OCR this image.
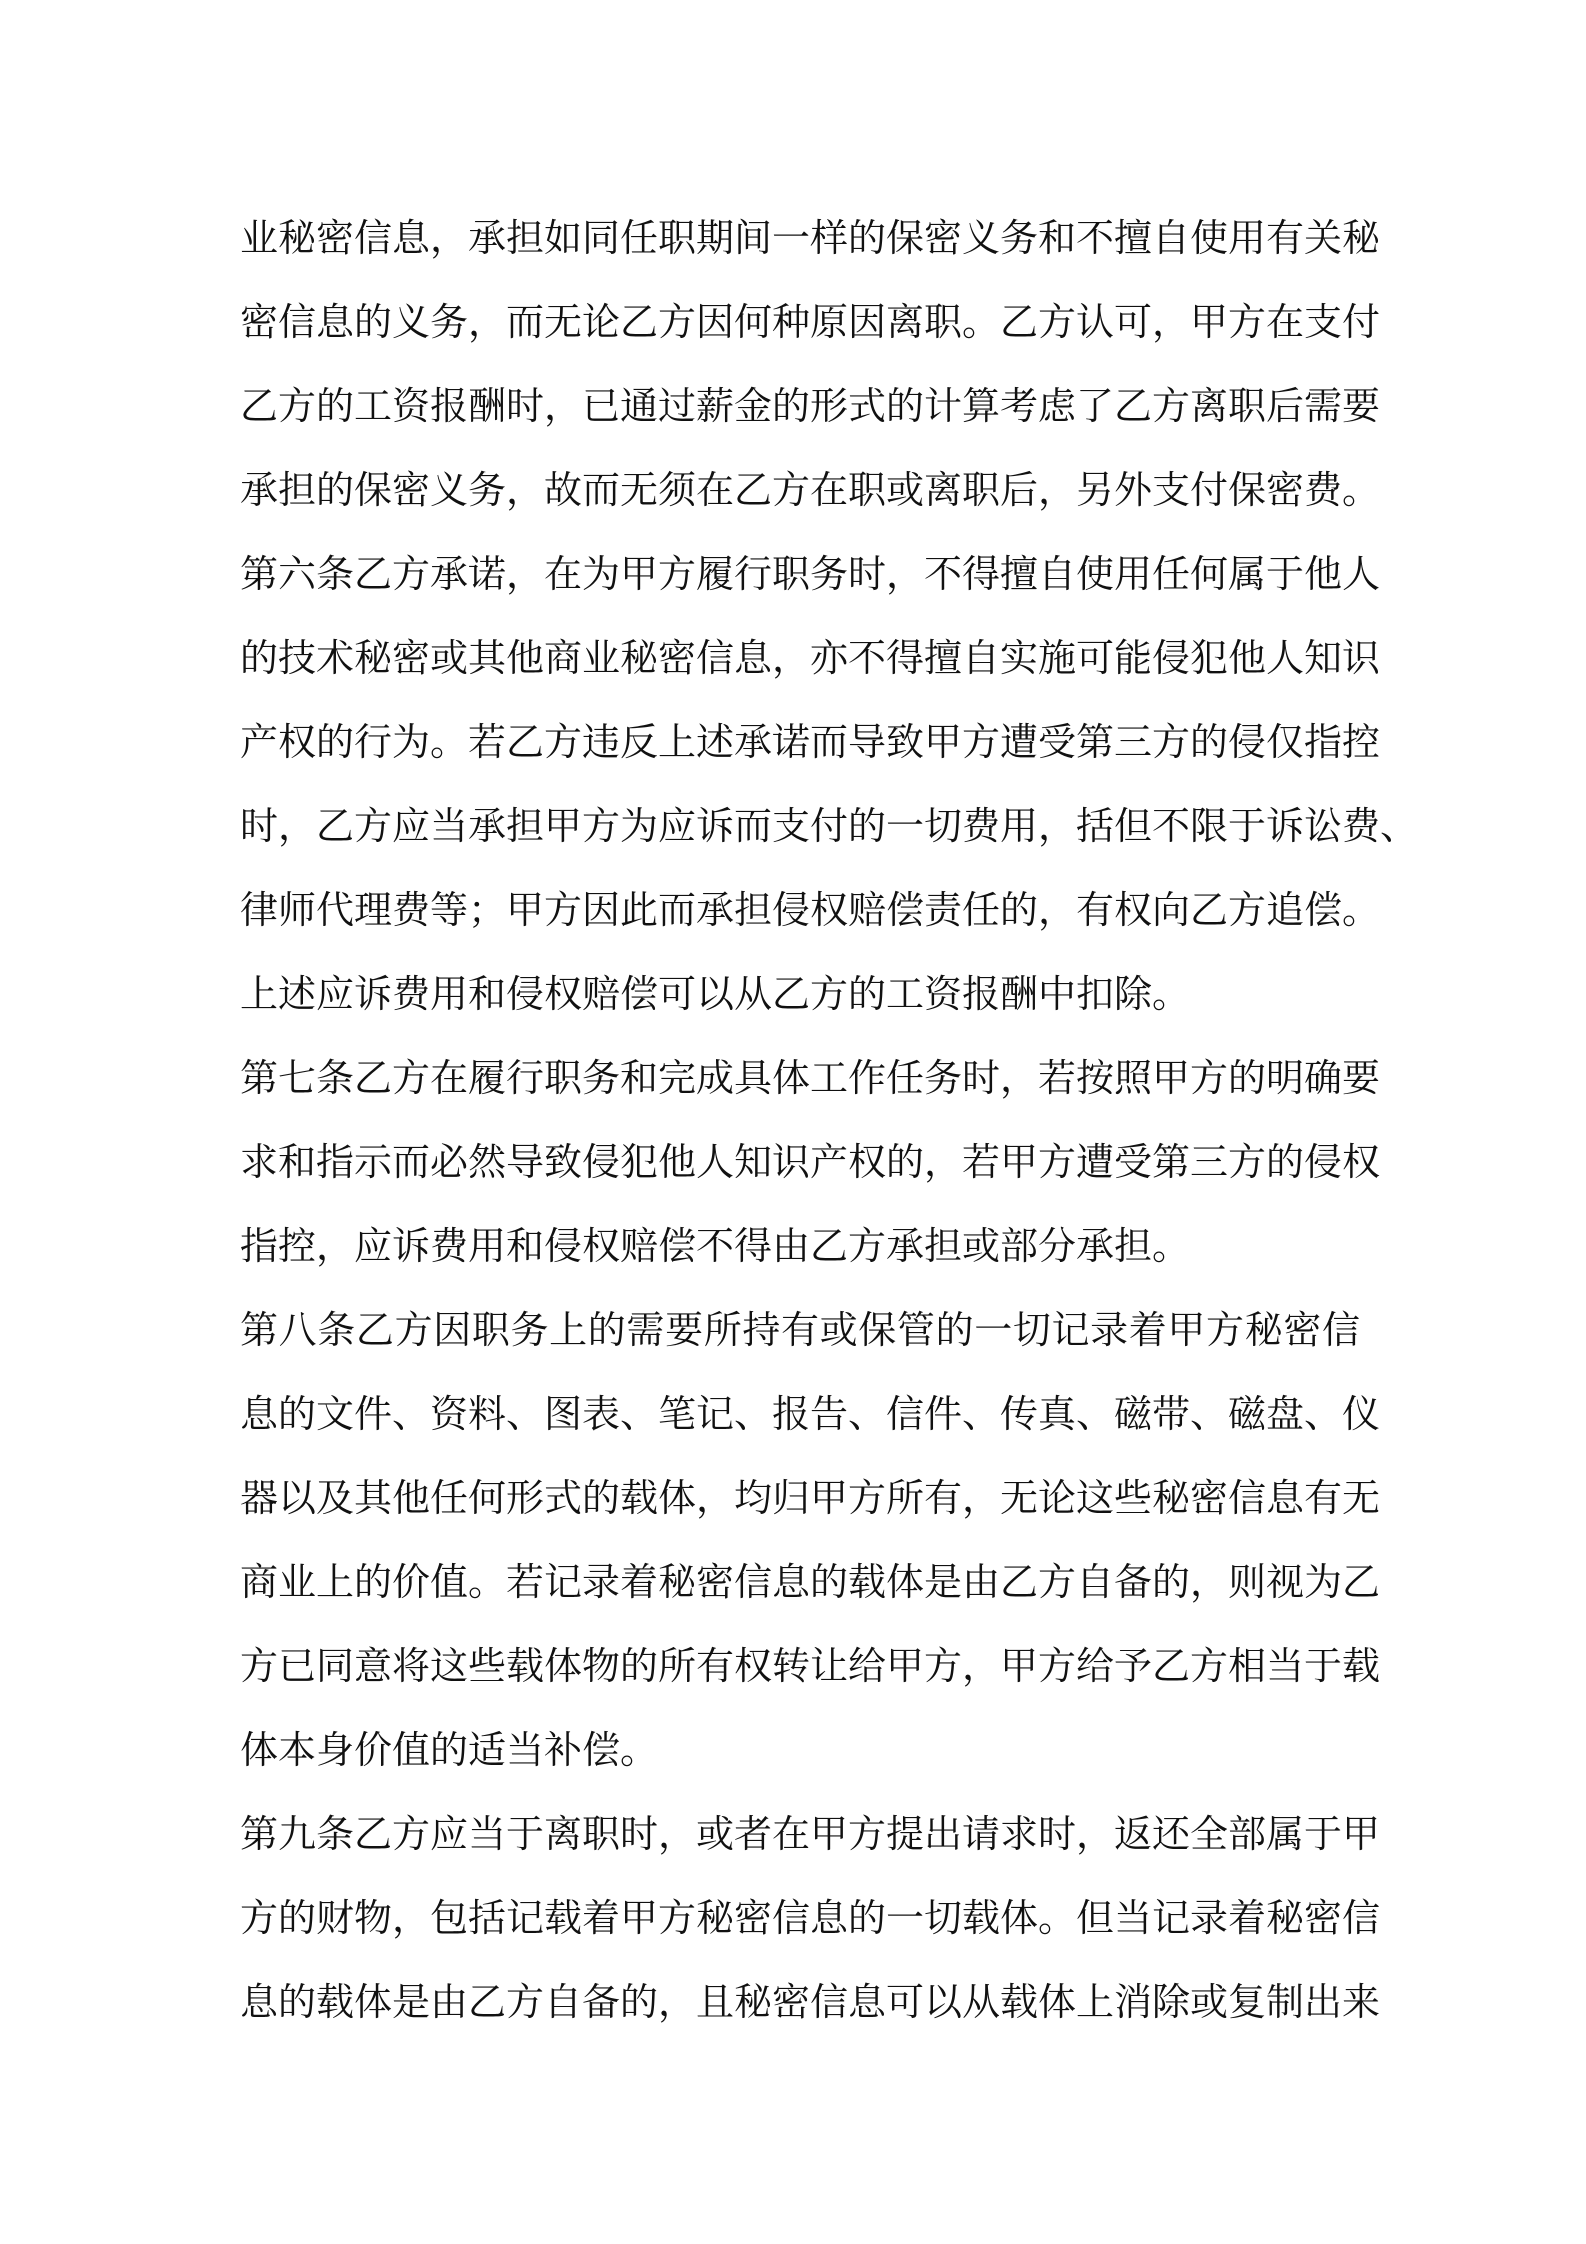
业秘密信息，承担如同任职期间一样的保密义务和不擅自使用有关秘
密信息的义务，而无论乙方因何种原因离职。乙方认可，甲方在支付
乙方的工资报酬时，已通过薪金的形式的计算考虑了乙方离职后需要
承担的保密义务，故而无须在乙方在职或离职后，另外支付保密费。
第六条乙方承诺，在为甲方履行职务时，不得擅自使用任何属于他人
的技术秘密或其他商业秘密信息，亦不得擅自实施可能侵犯他人知识
产权的行为。若乙方违反上述承诺而导致甲方遭受第三方的侵仅指控
时，乙方应当承担甲方为应诉而支付的一切费用，括但不限于诉讼费、
律师代理费等；甲方因此而承担侵权赔偿责任的，有权向乙方追偿。
上述应诉费用和侵权赔偿可以从乙方的工资报酬中扣除。
第七条乙方在履行职务和完成具体工作任务时，若按照甲方的明确要
求和指示而必然导致侵犯他人知识产权的，若甲方遭受第三方的侵权
指控，应诉费用和侵权赔偿不得由乙方承担或部分承担。
第八条乙方因职务上的需要所持有或保管的一切记录着甲方秘密信
息的文件、资料、图表、笔记、报告、信件、传真、磁带、磁盘、仪
器以及其他任何形式的载体，均归甲方所有，无论这些秘密信息有无
商业上的价值。若记录着秘密信息的载体是由乙方自备的，则视为乙
方已同意将这些载体物的所有权转让给甲方，甲方给予乙方相当于载
体本身价值的适当补偿。
第九条乙方应当于离职时，或者在甲方提出请求时，返还全部属于甲
方的财物，包括记载着甲方秘密信息的一切载体。但当记录着秘密信
息的载体是由乙方自备的，且秘密信息可以从载体上消除或复制出来
